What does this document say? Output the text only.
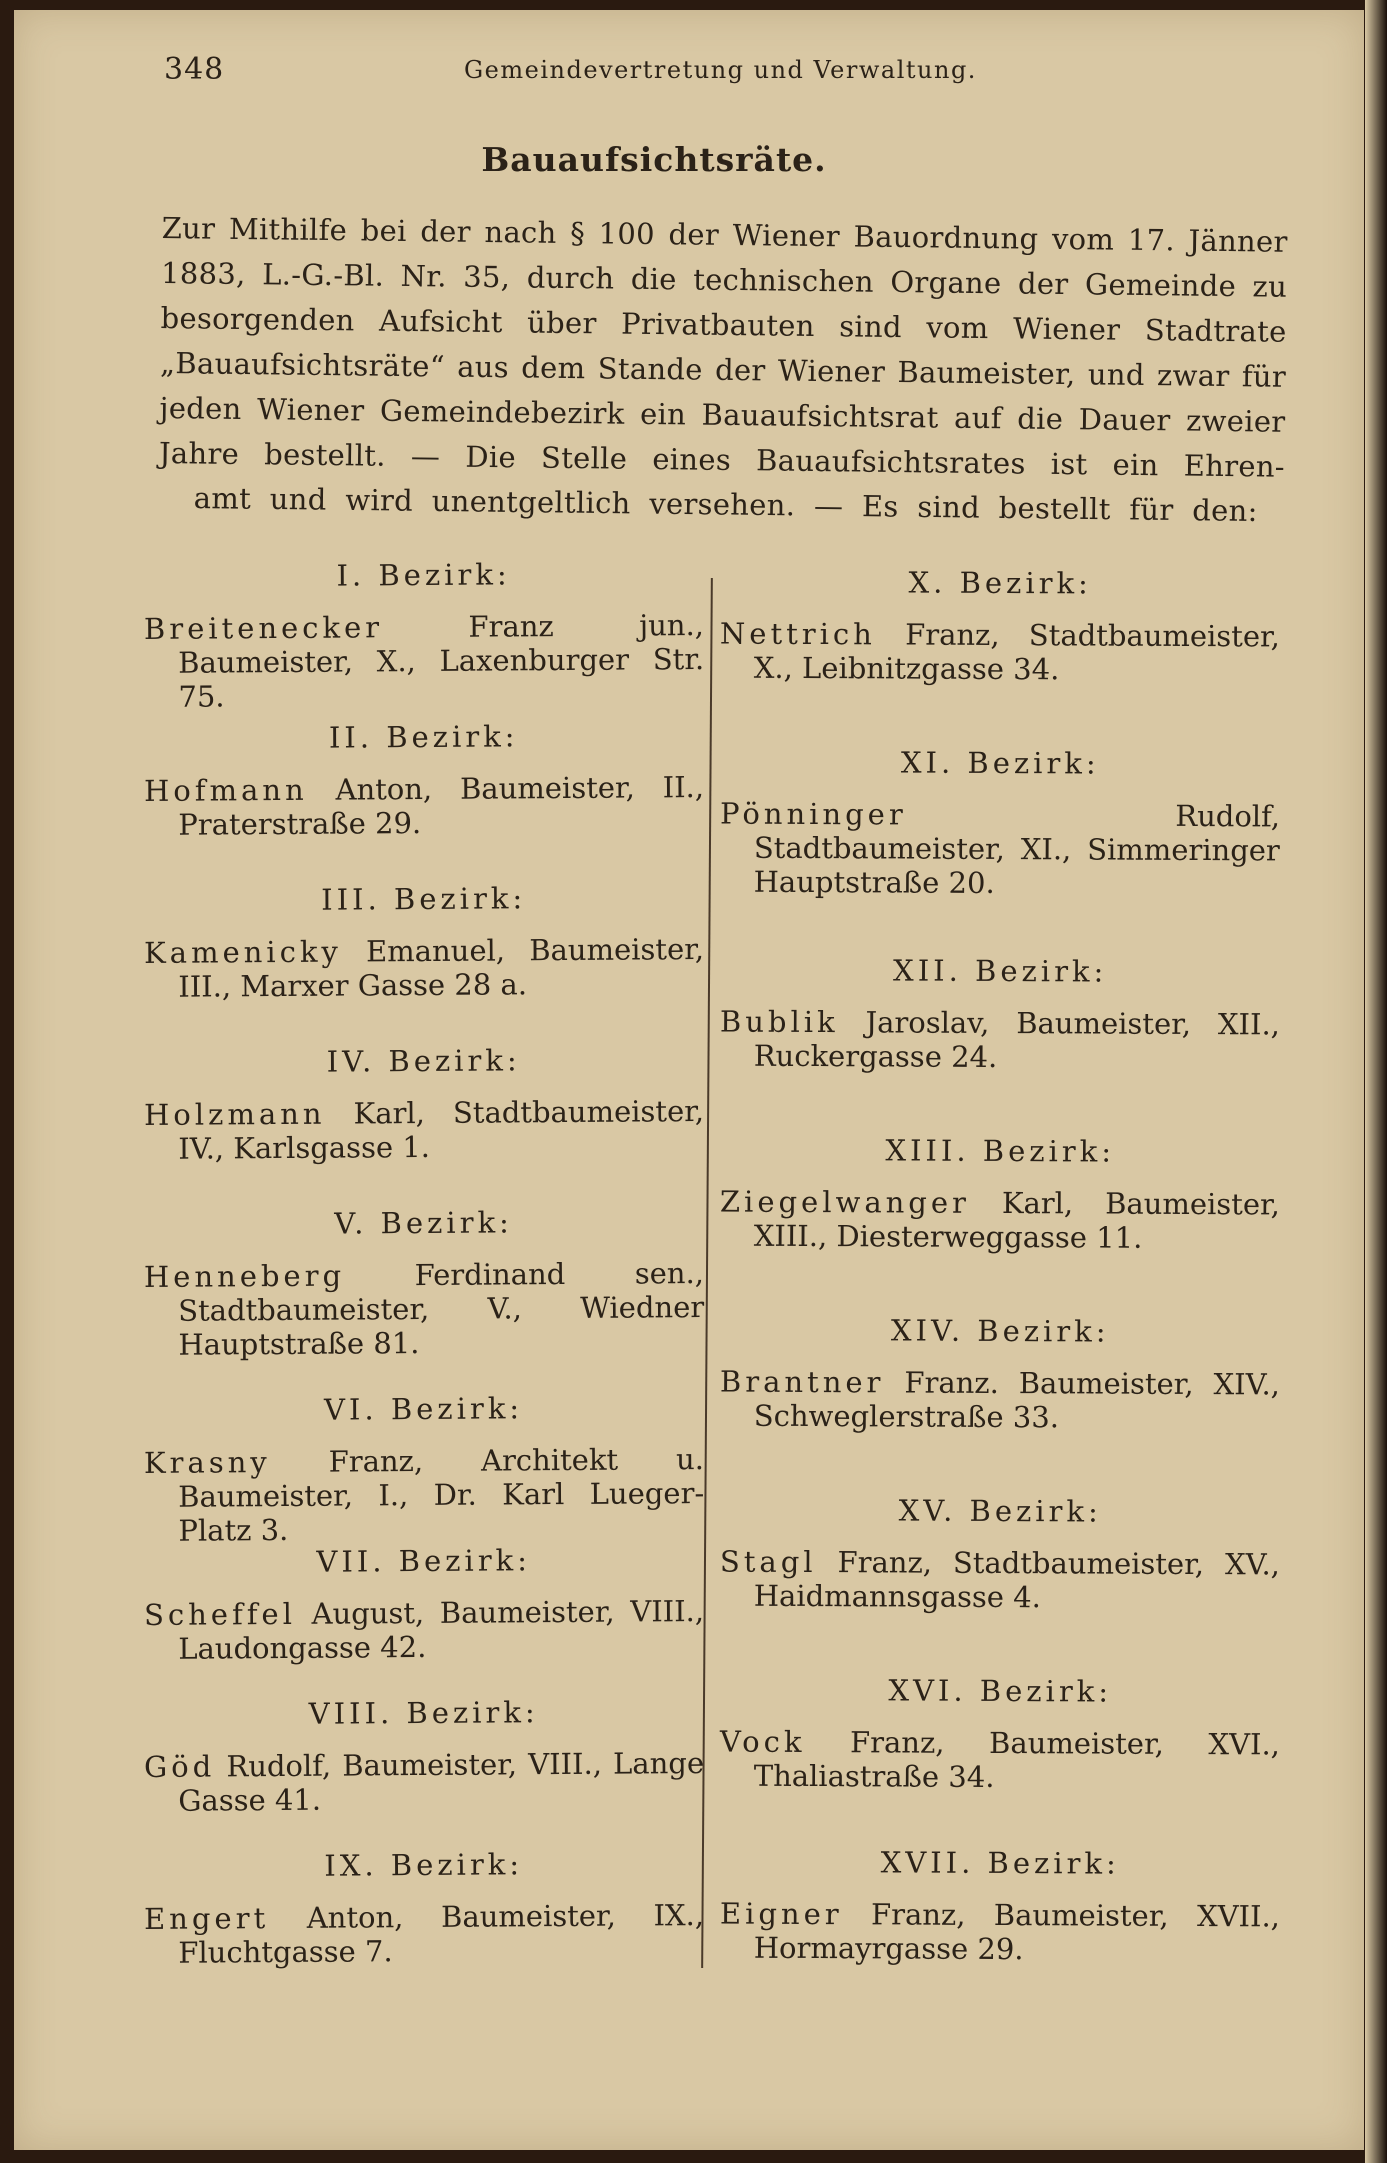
348	Gemeindevertretung und Verwaltung.
Bauaufsichtsräte.
Zur Mithilfe bei der nach § 100 der Wiener Bauordnung vom 17. Jänner 1883, L.-G.-Bl. Nr. 35, durch die technischen Organe der Gemeinde zu besorgenden Aufsicht über Privatbauten sind vom Wiener Stadtrate „Bauaufsichtsräte“ aus dem Stande der Wiener Baumeister, und zwar für jeden Wiener Gemeindebezirk ein Bauaufsichtsrat auf die Dauer zweier Jahre bestellt. — Die Stelle eines Bauaufsichtsrates ist ein Ehren-
amt und wird unentgeltlich versehen. — Es sind bestellt für den:
I. Bezirk:
Breitenecker	Franz jun., Baumeister, X., Laxenburger Str. 75.
II. Bezirk:
Hofmann Anton, Baumeister, II., Praterstraße 29.
III. Bezirk:
Kamenicky Emanuel, Baumeister, III., Marxer Gasse 28 a.
IV. Bezirk:
Holzmann Karl, Stadtbaumeister, IV., Karlsgasse 1.
V. Bezirk:
Henneberg Ferdinand sen., Stadtbaumeister, V., Wiedner Hauptstraße 81.
VI. Bezirk:
Krasny Franz, Architekt u. Baumeister, I., Dr. Karl Lueger-Platz 3.
VII. Bezirk:
Scheffel August, Baumeister, VIII., Laudongasse 42.
VIII. Bezirk:
Göd Rudolf, Baumeister, VIII., Lange Gasse 41.
IX. Bezirk:
Engert Anton, Baumeister, IX., Fluchtgasse 7.
X. Bezirk:
Nettrich Franz, Stadtbaumeister, X., Leibnitzgasse 34.
XI. Bezirk:
Pönninger	Rudolf, Stadtbaumeister, XI., Simmeringer Hauptstraße 20.
XII. Bezirk:
Bublik Jaroslav, Baumeister, XII., Ruckergasse 24.
XIII. Bezirk:
Ziegelwanger Karl, Baumeister, XIII., Diesterweggasse 11.
XIV. Bezirk:
Brantner Franz. Baumeister, XIV., Schweglerstraße 33.
XV. Bezirk:
Stagl Franz, Stadtbaumeister, XV., Haidmannsgasse 4.
XVI. Bezirk:
Vock Franz, Baumeister, XVI., Thaliastraße 34.
XVII. Bezirk:
Eigner Franz, Baumeister, XVII., Hormayrgasse 29.
